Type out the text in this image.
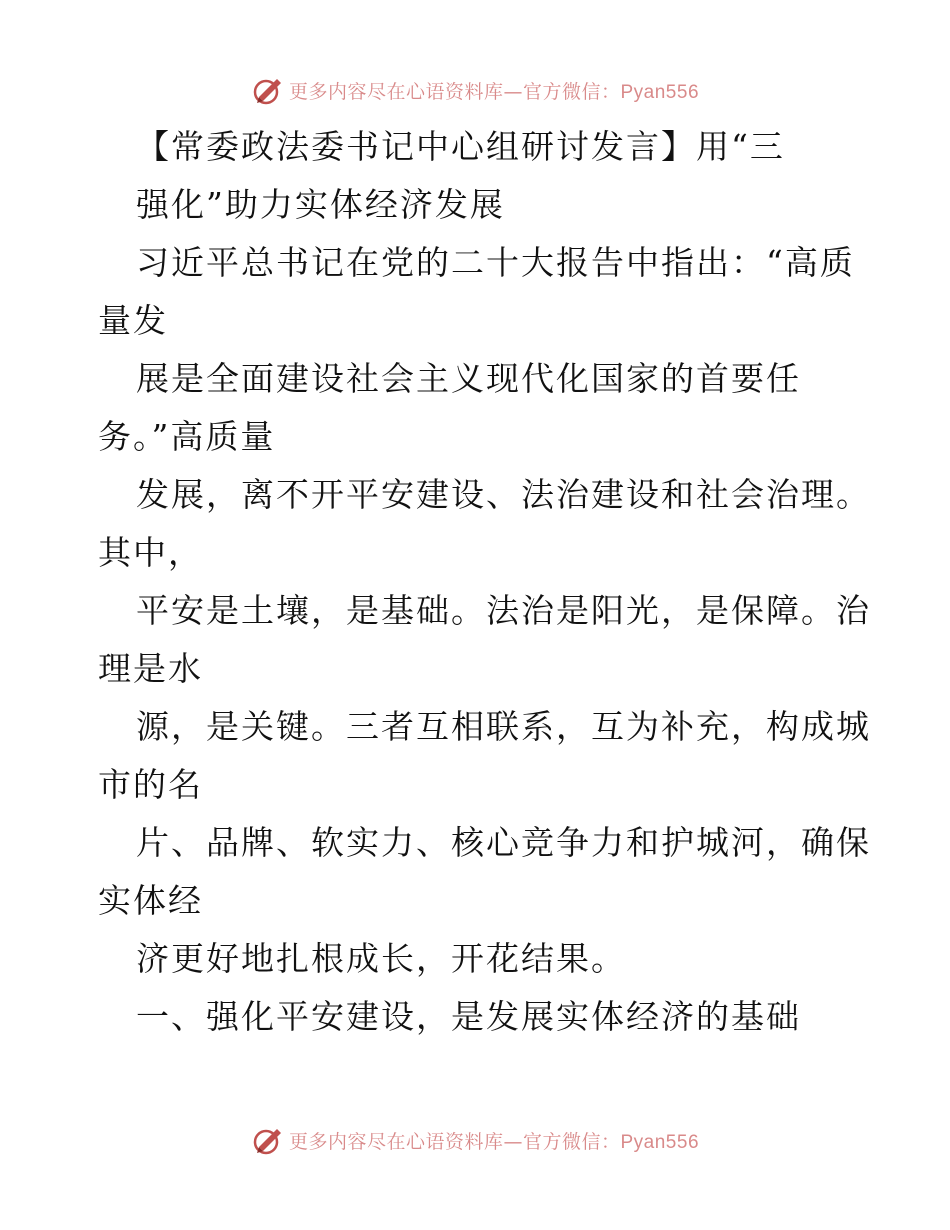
更多内容尽在心语资料库—官方微信：Pyan556
【常委政法委书记中心组研讨发言】用“三
强化”助力实体经济发展
习近平总书记在党的二十大报告中指出：“高质
量发
展是全面建设社会主义现代化国家的首要任
务。”高质量
发展，离不开平安建设、法治建设和社会治理。
其中，
平安是土壤，是基础。法治是阳光，是保障。治
理是水
源，是关键。三者互相联系，互为补充，构成城
市的名
片、品牌、软实力、核心竞争力和护城河，确保
实体经
济更好地扎根成长，开花结果。
一、强化平安建设，是发展实体经济的基础
更多内容尽在心语资料库—官方微信：Pyan556
